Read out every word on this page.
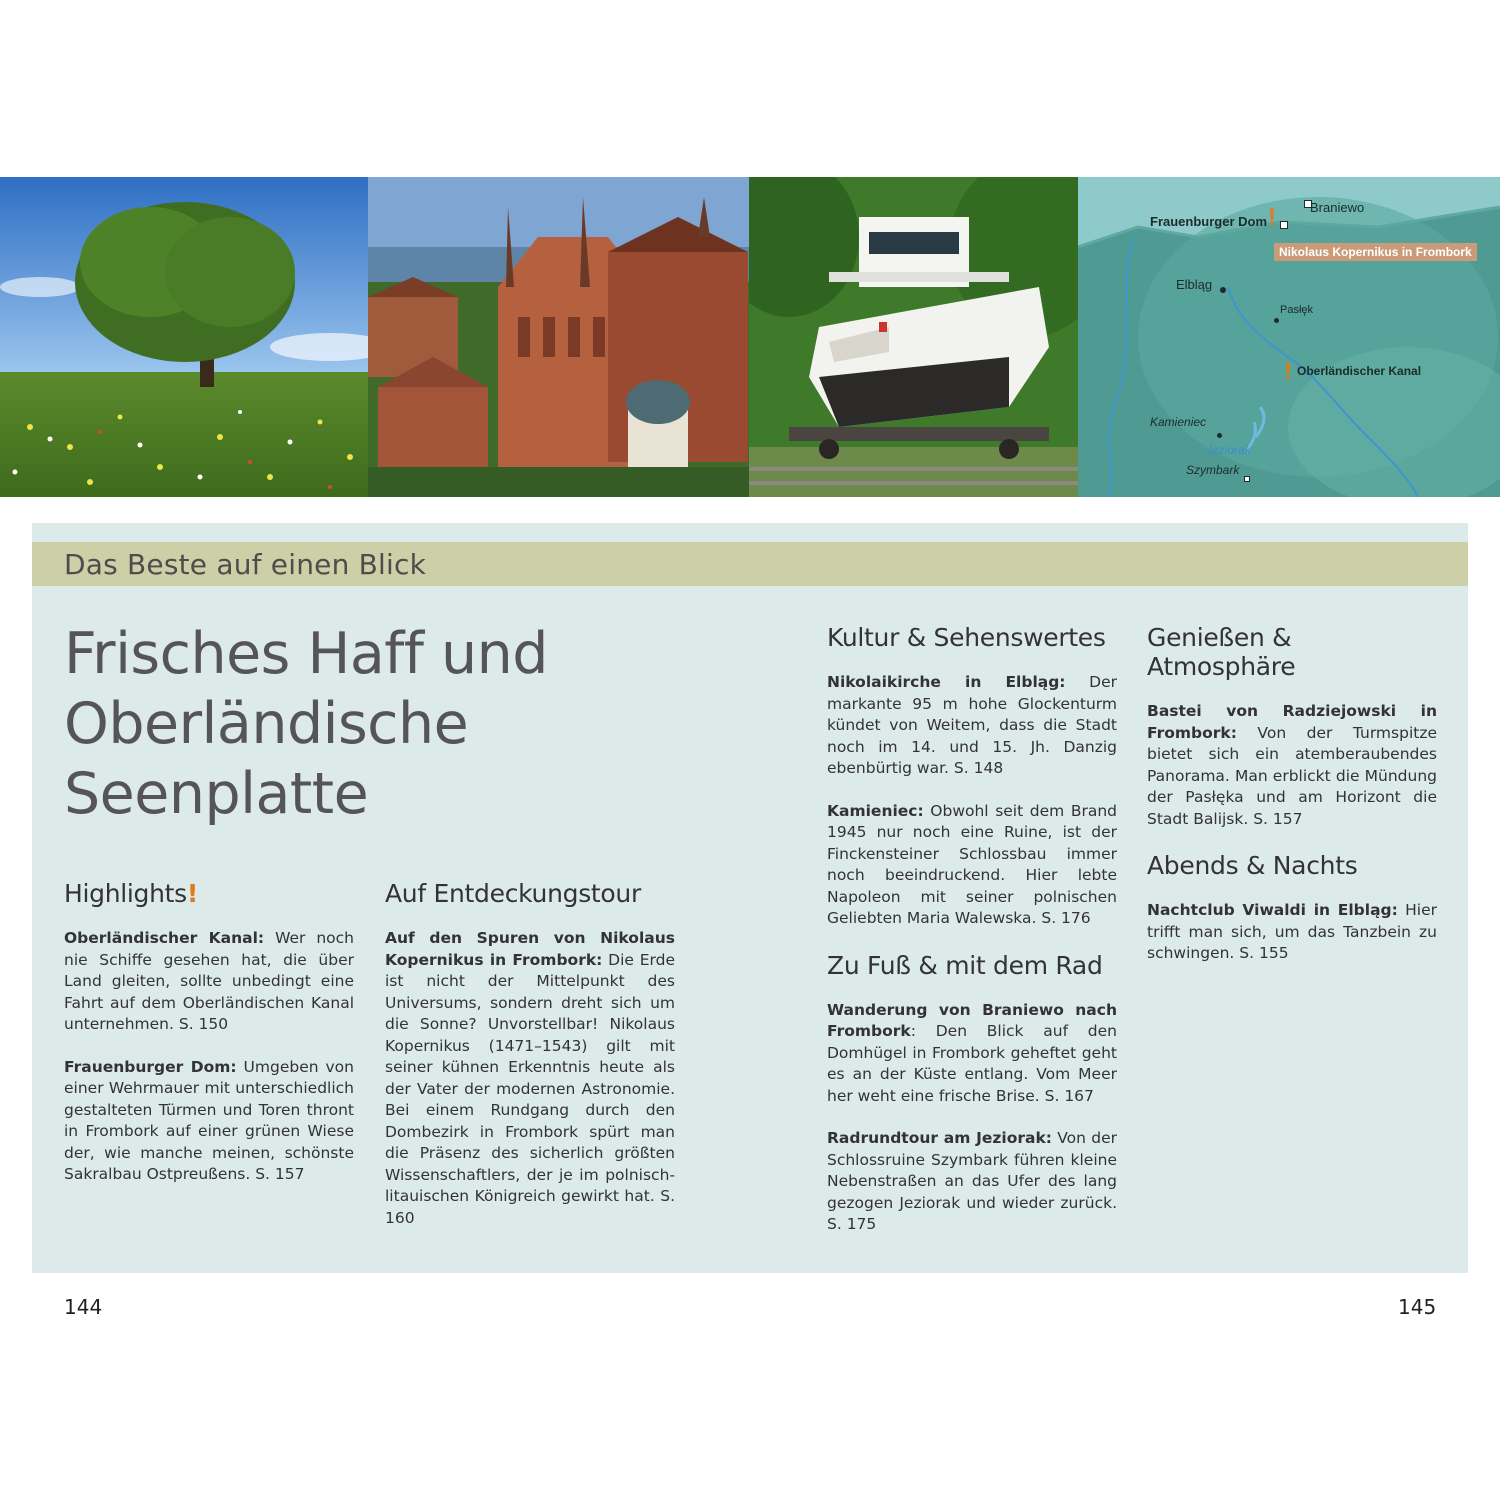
Frauenburger Dom !	Braniewo
Nikolaus Kopernikus in Frombork
Elbląg
Pasłęk
! Oberländischer Kanal
Kamieniec
Jeziorak
Szymbark
Das Beste auf einen Blick
Frisches Haff und
Oberländische
Seenplatte
Highlights!

Oberländischer Kanal: Wer noch nie Schiffe gesehen hat, die über Land gleiten, sollte unbedingt eine Fahrt auf dem Oberländischen Kanal unternehmen. S. 150

Frauenburger Dom: Umgeben von einer Wehrmauer mit unterschiedlich gestalteten Türmen und Toren thront in Frombork auf einer grünen Wiese der, wie manche meinen, schönste Sakralbau Ostpreußens. S. 157

Auf Entdeckungstour

Auf den Spuren von Nikolaus Kopernikus in Frombork: Die Erde ist nicht der Mittelpunkt des Universums, sondern dreht sich um die Sonne? Unvorstellbar! Nikolaus Kopernikus (1471–1543) gilt mit seiner kühnen Erkenntnis heute als der Vater der modernen Astronomie. Bei einem Rundgang durch den Dombezirk in Frombork spürt man die Präsenz des sicherlich größten Wissenschaftlers, der je im polnisch-litauischen Königreich gewirkt hat. S. 160

Kultur & Sehenswertes

Nikolaikirche in Elbląg: Der markante 95 m hohe Glockenturm kündet von Weitem, dass die Stadt noch im 14. und 15. Jh. Danzig ebenbürtig war. S. 148

Kamieniec: Obwohl seit dem Brand 1945 nur noch eine Ruine, ist der Finckensteiner Schlossbau immer noch beeindruckend. Hier lebte Napoleon mit seiner polnischen Geliebten Maria Walewska. S. 176

Zu Fuß & mit dem Rad

Wanderung von Braniewo nach Frombork: Den Blick auf den Domhügel in Frombork geheftet geht es an der Küste entlang. Vom Meer her weht eine frische Brise. S. 167

Radrundtour am Jeziorak: Von der Schlossruine Szymbark führen kleine Nebenstraßen an das Ufer des lang gezogen Jeziorak und wieder zurück. S. 175

Genießen & Atmosphäre

Bastei von Radziejowski in Frombork: Von der Turmspitze bietet sich ein atemberaubendes Panorama. Man erblickt die Mündung der Pasłęka und am Horizont die Stadt Balijsk. S. 157

Abends & Nachts

Nachtclub Viwaldi in Elbląg: Hier trifft man sich, um das Tanzbein zu schwingen. S. 155

144	145
